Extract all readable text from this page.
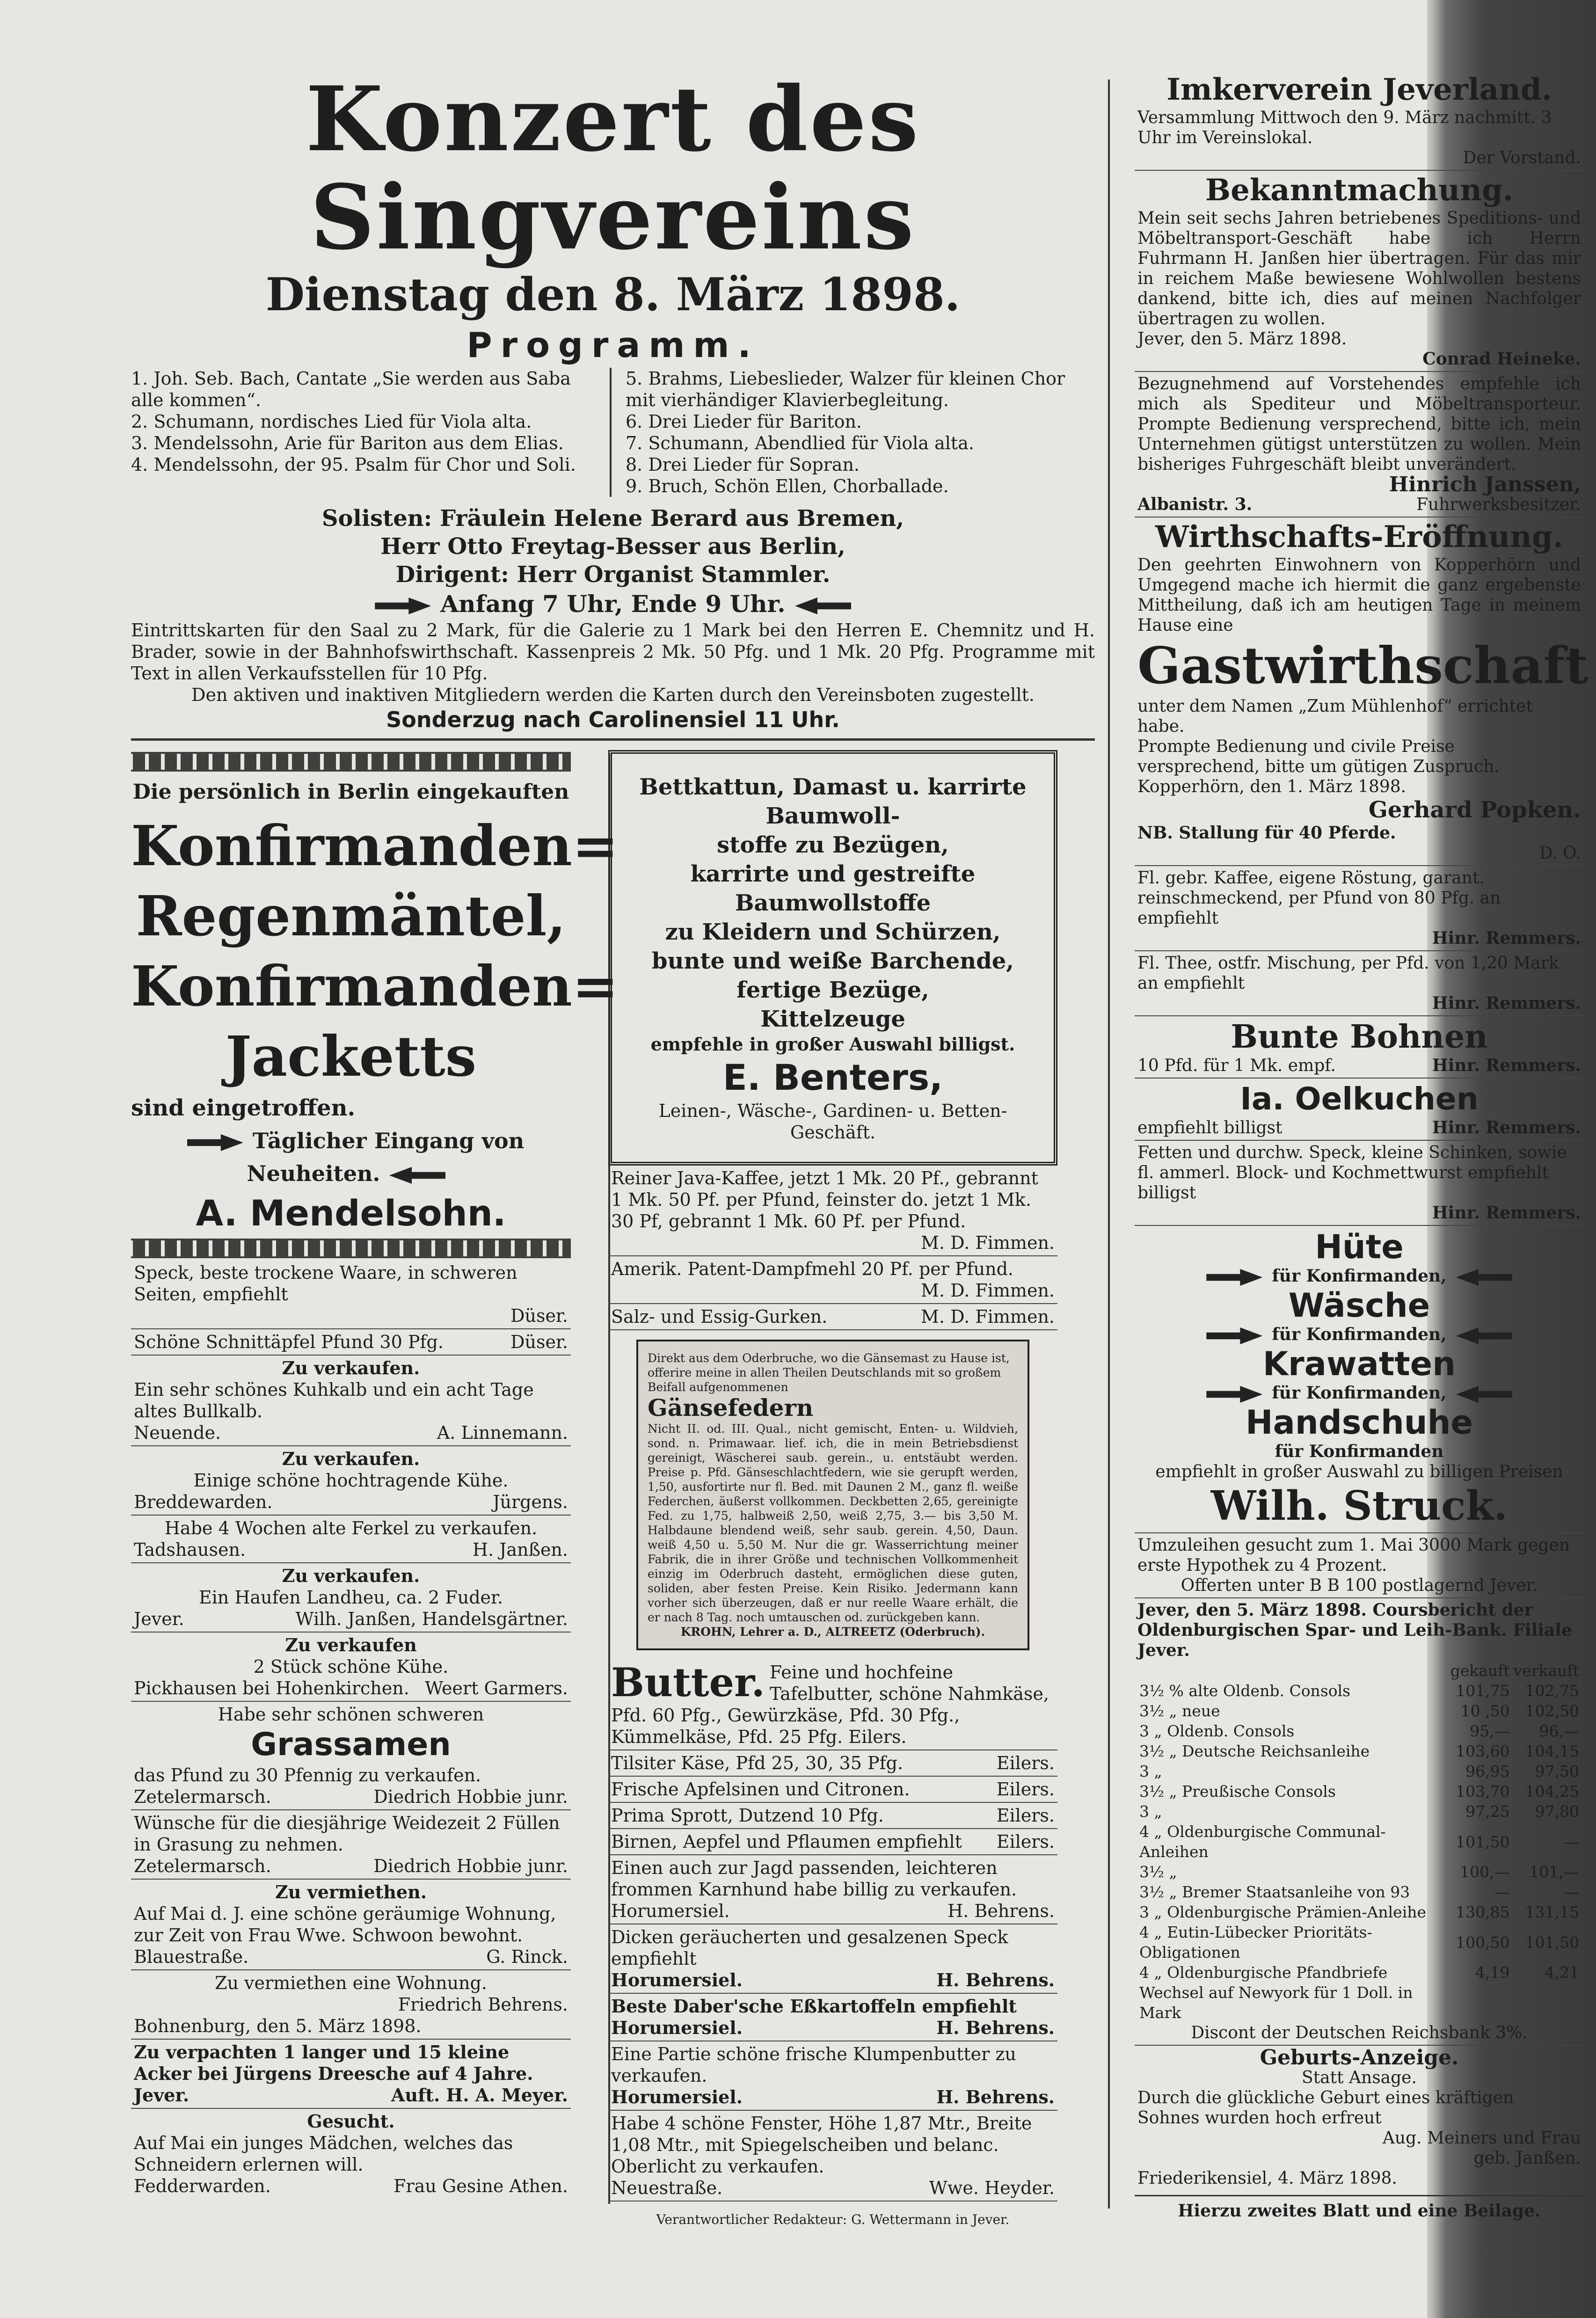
Konzert des Singvereins
Dienstag den 8. März 1898.
Programm.
1. Joh. Seb. Bach, Cantate „Sie werden aus Saba alle kommen“.
2. Schumann, nordisches Lied für Viola alta.
3. Mendelssohn, Arie für Bariton aus dem Elias.
4. Mendelssohn, der 95. Psalm für Chor und Soli.
5. Brahms, Liebeslieder, Walzer für kleinen Chor mit vierhändiger Klavierbegleitung.
6. Drei Lieder für Bariton.
7. Schumann, Abendlied für Viola alta.
8. Drei Lieder für Sopran.
9. Bruch, Schön Ellen, Chorballade.
Solisten: Fräulein Helene Berard aus Bremen,
Herr Otto Freytag-Besser aus Berlin,
Dirigent: Herr Organist Stammler.
Anfang 7 Uhr, Ende 9 Uhr.
Eintrittskarten für den Saal zu 2 Mark, für die Galerie zu 1 Mark bei den Herren E. Chemnitz und H. Brader, sowie in der Bahnhofswirthschaft. Kassenpreis 2 Mk. 50 Pfg. und 1 Mk. 20 Pfg. Programme mit Text in allen Verkaufsstellen für 10 Pfg.
Den aktiven und inaktiven Mitgliedern werden die Karten durch den Vereinsboten zugestellt.
Sonderzug nach Carolinensiel 11 Uhr.
Die persönlich in Berlin eingekauften
Konfirmanden=
Regenmäntel,
Konfirmanden=
Jacketts
sind eingetroffen.
Täglicher Eingang von Neuheiten.
A. Mendelsohn.
Speck, beste trockene Waare, in schweren Seiten, empfiehlt
Düser.
Schöne Schnittäpfel Pfund 30 Pfg.	Düser.
Zu verkaufen.
Ein sehr schönes Kuhkalb und ein acht Tage altes Bullkalb.
Neuende.	A. Linnemann.
Zu verkaufen.
Einige schöne hochtragende Kühe.
Breddewarden.	Jürgens.
Habe 4 Wochen alte Ferkel zu verkaufen.
Tadshausen.	H. Janßen.
Zu verkaufen.
Ein Haufen Landheu, ca. 2 Fuder.
Jever.	Wilh. Janßen, Handelsgärtner.
Zu verkaufen
2 Stück schöne Kühe.
Pickhausen bei Hohenkirchen. Weert Garmers.
Habe sehr schönen schweren
Grassamen
das Pfund zu 30 Pfennig zu verkaufen.
Zetelermarsch.	Diedrich Hobbie junr.
Wünsche für die diesjährige Weidezeit 2 Füllen in Grasung zu nehmen.
Zetelermarsch.	Diedrich Hobbie junr.
Zu vermiethen.
Auf Mai d. J. eine schöne geräumige Wohnung, zur Zeit von Frau Wwe. Schwoon bewohnt.
Blauestraße.	G. Rinck.
Zu vermiethen eine Wohnung.
Friedrich Behrens.
Bohnenburg, den 5. März 1898.
Zu verpachten 1 langer und 15 kleine Acker bei Jürgens Dreesche auf 4 Jahre.
Jever.	Auft. H. A. Meyer.
Gesucht.
Auf Mai ein junges Mädchen, welches das Schneidern erlernen will.
Fedderwarden.	Frau Gesine Athen.
Bettkattun, Damast u. karrirte Baumwoll-
stoffe zu Bezügen,
karrirte und gestreifte Baumwollstoffe
zu Kleidern und Schürzen,
bunte und weiße Barchende,
fertige Bezüge,
Kittelzeuge
empfehle in großer Auswahl billigst.
E. Benters,
Leinen-, Wäsche-, Gardinen- u. Betten-Geschäft.
Reiner Java-Kaffee, jetzt 1 Mk. 20 Pf., gebrannt 1 Mk. 50 Pf. per Pfund, feinster do. jetzt 1 Mk. 30 Pf, gebrannt 1 Mk. 60 Pf. per Pfund.
M. D. Fimmen.
Amerik. Patent-Dampfmehl 20 Pf. per Pfund.
M. D. Fimmen.
Salz- und Essig-Gurken.	M. D. Fimmen.
Direkt aus dem Oderbruche, wo die Gänsemast zu Hause ist, offerire meine in allen Theilen Deutschlands mit so großem Beifall aufgenommenen
Gänsefedern
Nicht II. od. III. Qual., nicht gemischt, Enten- u. Wildvieh, sond. n. Primawaar. lief. ich, die in mein Betriebsdienst gereinigt, Wäscherei saub. gerein., u. entstäubt werden. Preise p. Pfd. Gänseschlachtfedern, wie sie gerupft werden, 1,50, ausfortirte nur fl. Bed. mit Daunen 2 M., ganz fl. weiße Federchen, äußerst vollkommen. Deckbetten 2,65, gereinigte Fed. zu 1,75, halbweiß 2,50, weiß 2,75, 3.— bis 3,50 M. Halbdaune blendend weiß, sehr saub. gerein. 4,50, Daun. weiß 4,50 u. 5,50 M. Nur die gr. Wasserrichtung meiner Fabrik, die in ihrer Größe und technischen Vollkommenheit einzig im Oderbruch dasteht, ermöglichen diese guten, soliden, aber festen Preise. Kein Risiko. Jedermann kann vorher sich überzeugen, daß er nur reelle Waare erhält, die er nach 8 Tag. noch umtauschen od. zurückgeben kann.
KROHN, Lehrer a. D., ALTREETZ (Oderbruch).
Butter. Feine und hochfeine Tafelbutter, schöne Nahmkäse, Pfd. 60 Pfg., Gewürzkäse, Pfd. 30 Pfg., Kümmelkäse, Pfd. 25 Pfg. Eilers.
Tilsiter Käse, Pfd 25, 30, 35 Pfg.	Eilers.
Frische Apfelsinen und Citronen.	Eilers.
Prima Sprott, Dutzend 10 Pfg.	Eilers.
Birnen, Aepfel und Pflaumen empfiehlt Eilers.
Einen auch zur Jagd passenden, leichteren frommen Karnhund habe billig zu verkaufen.
Horumersiel.	H. Behrens.
Dicken geräucherten und gesalzenen Speck empfiehlt
Horumersiel.	H. Behrens.
Beste Daber'sche Eßkartoffeln empfiehlt
Horumersiel.	H. Behrens.
Eine Partie schöne frische Klumpenbutter zu verkaufen.
Horumersiel.	H. Behrens.
Habe 4 schöne Fenster, Höhe 1,87 Mtr., Breite 1,08 Mtr., mit Spiegelscheiben und belanc. Oberlicht zu verkaufen.
Neuestraße.	Wwe. Heyder.
Verantwortlicher Redakteur: G. Wettermann in Jever.
Imkerverein Jeverland.
Versammlung Mittwoch den 9. März nachmitt. 3 Uhr im Vereinslokal.
Der Vorstand.
Bekanntmachung.
Mein seit sechs Jahren betriebenes Speditions- und Möbeltransport-Geschäft habe ich Herrn Fuhrmann H. Janßen hier übertragen. Für das mir in reichem Maße bewiesene Wohlwollen bestens dankend, bitte ich, dies auf meinen Nachfolger übertragen zu wollen.
Jever, den 5. März 1898.
Conrad Heineke.
Bezugnehmend auf Vorstehendes empfehle ich mich als Spediteur und Möbeltransporteur. Prompte Bedienung versprechend, bitte ich, mein Unternehmen gütigst unterstützen zu wollen. Mein bisheriges Fuhrgeschäft bleibt unverändert.
Hinrich Janssen,
Albanistr. 3.	Fuhrwerksbesitzer.
Wirthschafts-Eröffnung.
Den geehrten Einwohnern von Kopperhörn und Umgegend mache ich hiermit die ganz ergebenste Mittheilung, daß ich am heutigen Tage in meinem Hause eine
Gastwirthschaft
unter dem Namen „Zum Mühlenhof“ errichtet habe.
Prompte Bedienung und civile Preise versprechend, bitte um gütigen Zuspruch.
Kopperhörn, den 1. März 1898.
Gerhard Popken.
NB. Stallung für 40 Pferde.
D. O.
Fl. gebr. Kaffee, eigene Röstung, garant. reinschmeckend, per Pfund von 80 Pfg. an empfiehlt
Hinr. Remmers.
Fl. Thee, ostfr. Mischung, per Pfd. von 1,20 Mark an empfiehlt
Hinr. Remmers.
Bunte Bohnen
10 Pfd. für 1 Mk. empf.	Hinr. Remmers.
Ia. Oelkuchen
empfiehlt billigst	Hinr. Remmers.
Fetten und durchw. Speck, kleine Schinken, sowie fl. ammerl. Block- und Kochmettwurst empfiehlt billigst
Hinr. Remmers.
Hüte
für Konfirmanden,
Wäsche
für Konfirmanden,
Krawatten
für Konfirmanden,
Handschuhe
für Konfirmanden
empfiehlt in großer Auswahl zu billigen Preisen
Wilh. Struck.
Umzuleihen gesucht zum 1. Mai 3000 Mark gegen erste Hypothek zu 4 Prozent.
Offerten unter B B 100 postlagernd Jever.
Jever, den 5. März 1898. Coursbericht der Oldenburgischen Spar- und Leih-Bank. Filiale Jever.
	gekauft	verkauft
3½ % alte Oldenb. Consols	101,75	102,75
3½ „ neue	10 ,50	102,50
3 „ Oldenb. Consols	95,—	96,—
3½ „ Deutsche Reichsanleihe	103,60	104,15
3 „	96,95	97,50
3½ „ Preußische Consols	103,70	104,25
3 „	97,25	97,80
4 „ Oldenburgische Communal-Anleihen	101,50	—
3½ „	100,—	101,—
3½ „ Bremer Staatsanleihe von 93	—	—
3 „ Oldenburgische Prämien-Anleihe	130,85	131,15
4 „ Eutin-Lübecker Prioritäts-Obligationen	100,50	101,50
4 „ Oldenburgische Pfandbriefe	4,19	4,21
Wechsel auf Newyork für 1 Doll. in Mark		
Discont der Deutschen Reichsbank 3%.
Geburts-Anzeige.
Statt Ansage.
Durch die glückliche Geburt eines kräftigen Sohnes wurden hoch erfreut
Aug. Meiners und Frau
geb. Janßen.
Friederikensiel, 4. März 1898.
Hierzu zweites Blatt und eine Beilage.
